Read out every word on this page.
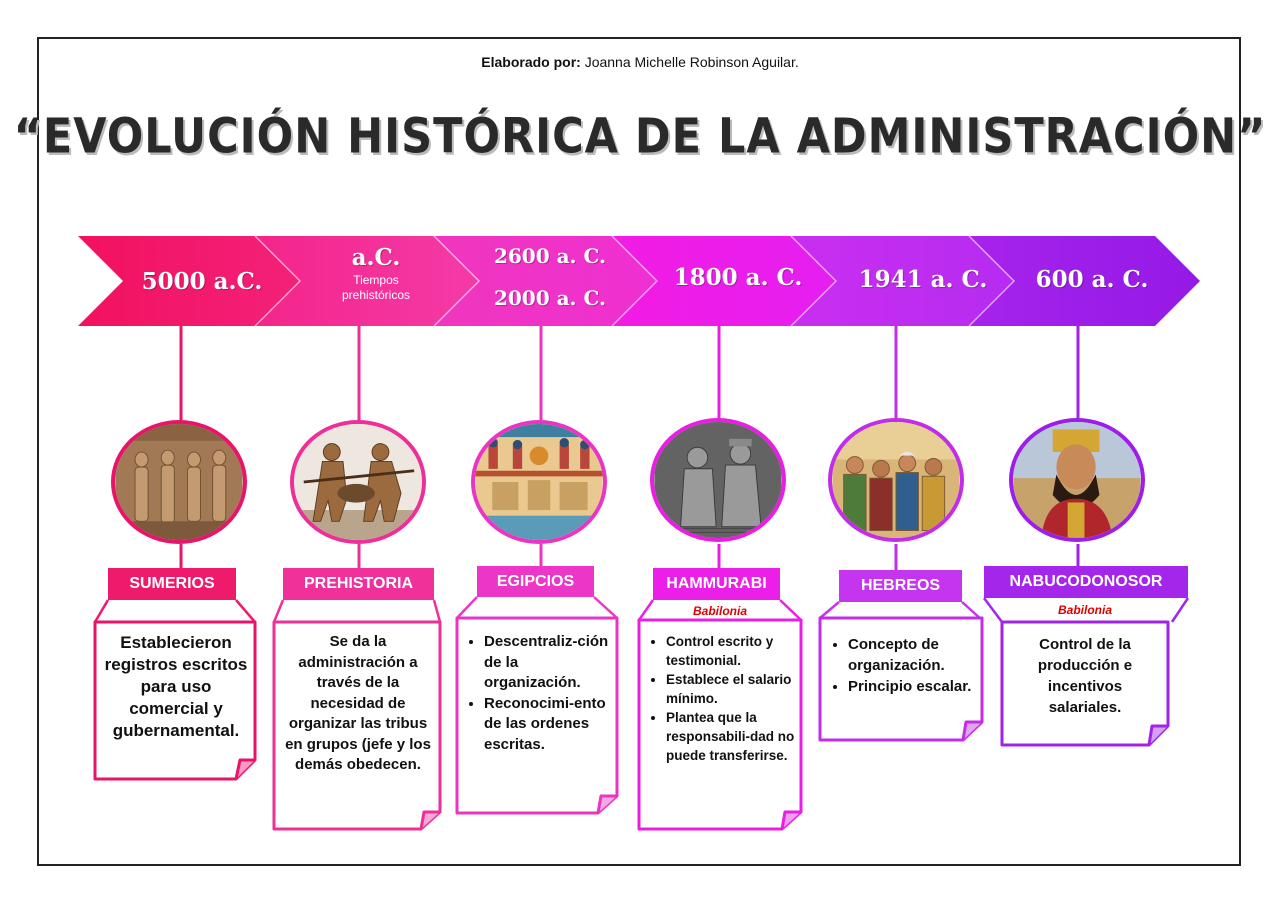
Elaborado por: Joanna Michelle Robinson Aguilar.
“EVOLUCIÓN HISTÓRICA DE LA ADMINISTRACIÓN”
5000 a.C.
a.C.
Tiempos prehistóricos
2600 a. C.
2000 a. C.
1800 a. C.	1941 a. C.	600 a. C.
SUMERIOS	PREHISTORIA	EGIPCIOS	HAMMURABI	HEBREOS	NABUCODONOSOR
Babilonia	Babilonia
Establecieron registros escritos para uso comercial y gubernamental.
Se da la administración a través de la necesidad de organizar las tribus en grupos (jefe y los demás obedecen.
• Descentraliz-ción de la organización.
• Reconocimi-ento de las ordenes escritas.
• Control escrito y testimonial.
• Establece el salario mínimo.
• Plantea que la responsabili-dad no puede transferirse.
• Concepto de organización.
• Principio escalar.
Control de la producción e incentivos salariales.
